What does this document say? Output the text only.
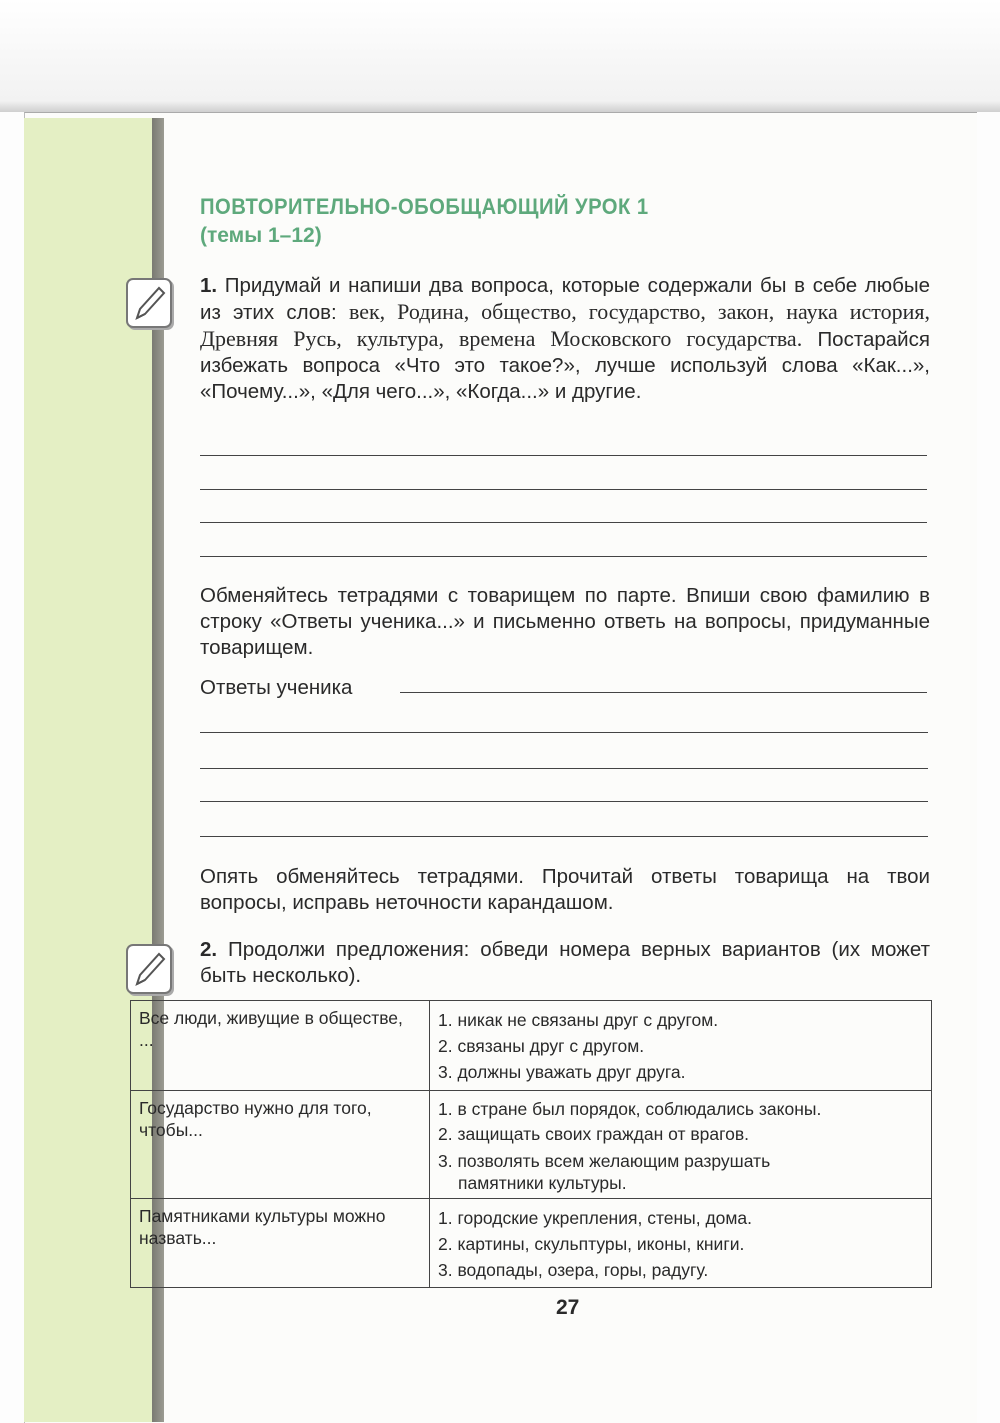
ПОВТОРИТЕЛЬНО-ОБОБЩАЮЩИЙ УРОК 1
(темы 1–12)
1. Придумай и напиши два вопроса, которые содержали бы в себе любые из этих слов: век, Родина, общество, государство, закон, наука история, Древняя Русь, культура, времена Московского государства. Постарайся избежать вопроса «Что это такое?», лучше используй слова «Как...», «Почему...», «Для чего...», «Когда...» и другие.
Обменяйтесь тетрадями с товарищем по парте. Впиши свою фамилию в строку «Ответы ученика...» и письменно ответь на вопросы, придуманные товарищем.
Ответы ученика
Опять обменяйтесь тетрадями. Прочитай ответы товарища на твои вопросы, исправь неточности карандашом.
2. Продолжи предложения: обведи номера верных вариантов (их может быть несколько).
Все люди, живущие в обществе, ...	1. никак не связаны друг с другом.
2. связаны друг с другом.
3. должны уважать друг друга.

Государство нужно для того, чтобы...	1. в стране был порядок, соблюдались законы.
2. защищать своих граждан от врагов.
3. позволять всем желающим разрушать памятники культуры.

Памятниками культуры можно назвать...	1. городские укрепления, стены, дома.
2. картины, скульптуры, иконы, книги.
3. водопады, озера, горы, радугу.
27
